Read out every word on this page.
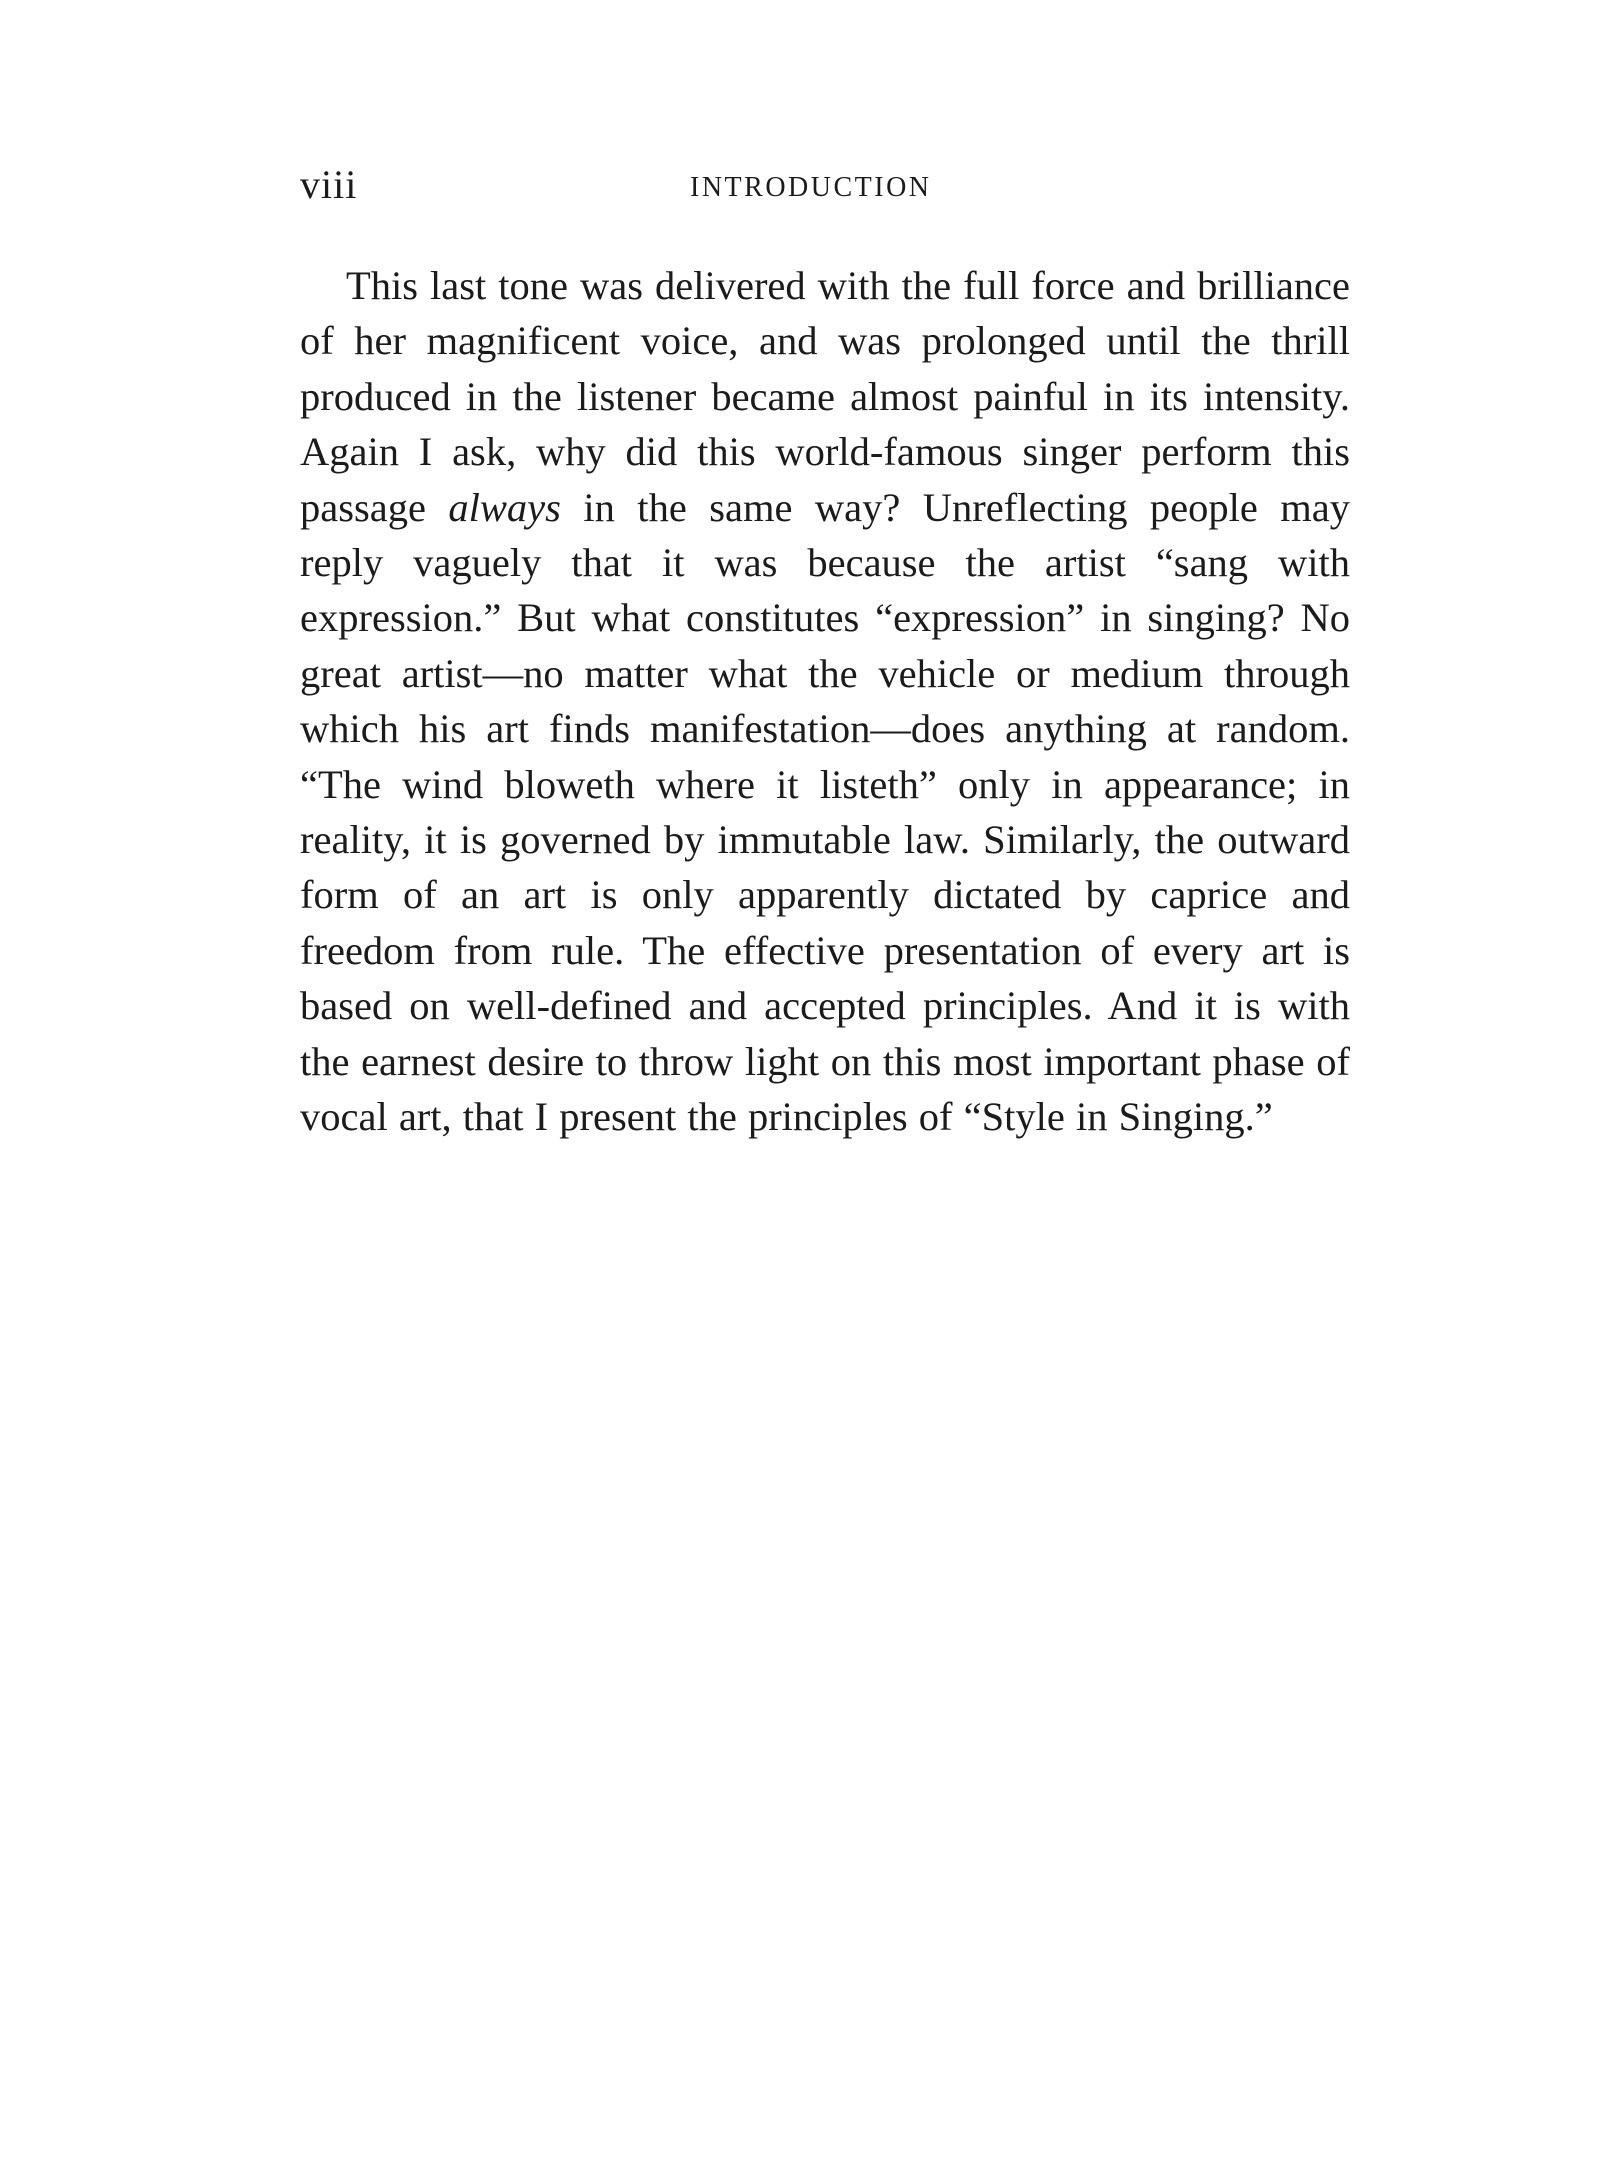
viii	INTRODUCTION

This last tone was delivered with the full force and brilliance of her magnificent voice, and was prolonged until the thrill produced in the listener became almost painful in its intensity. Again I ask, why did this world-famous singer perform this passage always in the same way? Unreflecting people may reply vaguely that it was because the artist “sang with expression.” But what constitutes “expression” in singing? No great artist—no matter what the vehicle or medium through which his art finds manifestation—does anything at random. “The wind bloweth where it listeth” only in appearance; in reality, it is governed by immutable law. Similarly, the outward form of an art is only apparently dictated by caprice and freedom from rule. The effective presentation of every art is based on well-defined and accepted principles. And it is with the earnest desire to throw light on this most important phase of vocal art, that I present the principles of “Style in Singing.”
